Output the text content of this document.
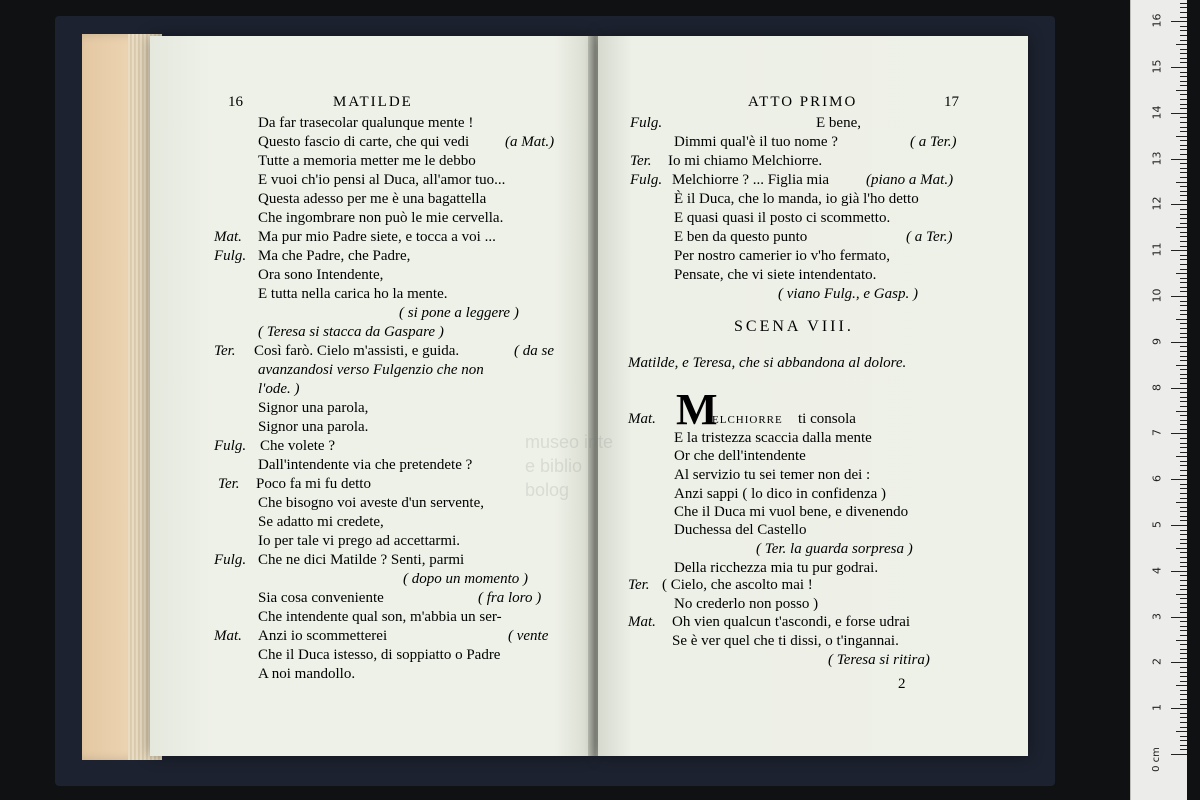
16	MATILDE
Da far trasecolar qualunque mente !
Questo fascio di carte, che qui vedi (a Mat.)
Tutte a memoria metter me le debbo
E vuoi ch'io pensi al Duca, all'amor tuo...
Questa adesso per me è una bagattella
Che ingombrare non può le mie cervella.
Mat. Ma pur mio Padre siete, e tocca a voi ...
Fulg. Ma che Padre, che Padre,
Ora sono Intendente,
E tutta nella carica ho la mente.
( si pone a leggere )
( Teresa si stacca da Gaspare )
Ter. Così farò. Cielo m'assisti, e guida.	( da se
avanzandosi verso Fulgenzio che non
l'ode. )
Signor una parola,
Signor una parola.
Fulg. Che volete ?
Dall'intendente via che pretendete ?
Ter. Poco fa mi fu detto
Che bisogno voi aveste d'un servente,
Se adatto mi credete,
Io per tale vi prego ad accettarmi.
Fulg. Che ne dici Matilde ? Senti, parmi
( dopo un momento )
Sia cosa conveniente	( fra loro )
Che intendente qual son, m'abbia un ser-
Mat. Anzi io scommetterei	( vente
Che il Duca istesso, di soppiatto o Padre
A noi mandollo.
ATTO PRIMO	17
Fulg.	E bene,
Dimmi qual'è il tuo nome ?	( a Ter.)
Ter. Io mi chiamo Melchiorre.
Fulg. Melchiorre ? ... Figlia mia (piano a Mat.)
È il Duca, che lo manda, io già l'ho detto
E quasi quasi il posto ci scommetto.
E ben da questo punto	( a Ter.)
Per nostro camerier io v'ho fermato,
Pensate, che vi siete intendentato.
( viano Fulg., e Gasp. )
SCENA VIII.
Matilde, e Teresa, che si abbandona al dolore.
Mat. M
ELCHIORRE ti consola
E la tristezza scaccia dalla mente
Or che dell'intendente
Al servizio tu sei temer non dei :
Anzi sappi ( lo dico in confidenza )
Che il Duca mi vuol bene, e divenendo
Duchessa del Castello
( Ter. la guarda sorpresa )
Della ricchezza mia tu pur godrai.
Ter. ( Cielo, che ascolto mai !
No crederlo non posso )
Mat. Oh vien qualcun t'ascondi, e forse udrai
Se è ver quel che ti dissi, o t'ingannai.
( Teresa si ritira)
2
0 cm
1
2
3
4
5
6
7
8
9
10
11
12
13
14
15
16
